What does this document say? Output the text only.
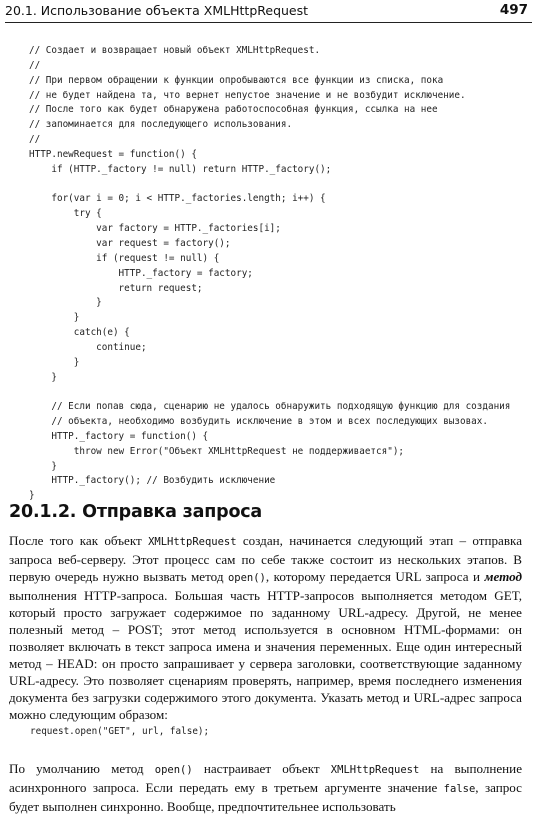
20.1. Использование объекта XMLHttpRequest	497
// Создает и возвращает новый объект XMLHttpRequest.
//
// При первом обращении к функции опробываются все функции из списка, пока
// не будет найдена та, что вернет непустое значение и не возбудит исключение.
// После того как будет обнаружена работоспособная функция, ссылка на нее
// запоминается для последующего использования.
//
HTTP.newRequest = function() {
if (HTTP._factory != null) return HTTP._factory();

for(var i = 0; i < HTTP._factories.length; i++) {
try {
var factory = HTTP._factories[i];
var request = factory();
if (request != null) {
HTTP._factory = factory;
return request;
}
}
catch(e) {
continue;
}
}

// Если попав сюда, сценарию не удалось обнаружить подходящую функцию для создания
// объекта, необходимо возбудить исключение в этом и всех последующих вызовах.
HTTP._factory = function() {
throw new Error("Объект XMLHttpRequest не поддерживается");
}
HTTP._factory(); // Возбудить исключение
}
20.1.2. Отправка запроса

После того как объект XMLHttpRequest создан, начинается следующий этап – отправка запроса веб-серверу. Этот процесс сам по себе также состоит из нескольких этапов. В первую очередь нужно вызвать метод open(), которому передается URL запроса и метод выполнения HTTP-запроса. Большая часть HTTP-запросов выполняется методом GET, который просто загружает содержимое по заданному URL-адресу. Другой, не менее полезный метод – POST; этот метод используется в основном HTML-формами: он позволяет включать в текст запроса имена и значения переменных. Еще один интересный метод – HEAD: он просто запрашивает у сервера заголовки, соответствующие заданному URL-адресу. Это позволяет сценариям проверять, например, время последнего изменения документа без загрузки содержимого этого документа. Указать метод и URL-адрес запроса можно следующим образом:

request.open("GET", url, false);

По умолчанию метод open() настраивает объект XMLHttpRequest на выполнение асинхронного запроса. Если передать ему в третьем аргументе значение false, запрос будет выполнен синхронно. Вообще, предпочтительнее использовать
